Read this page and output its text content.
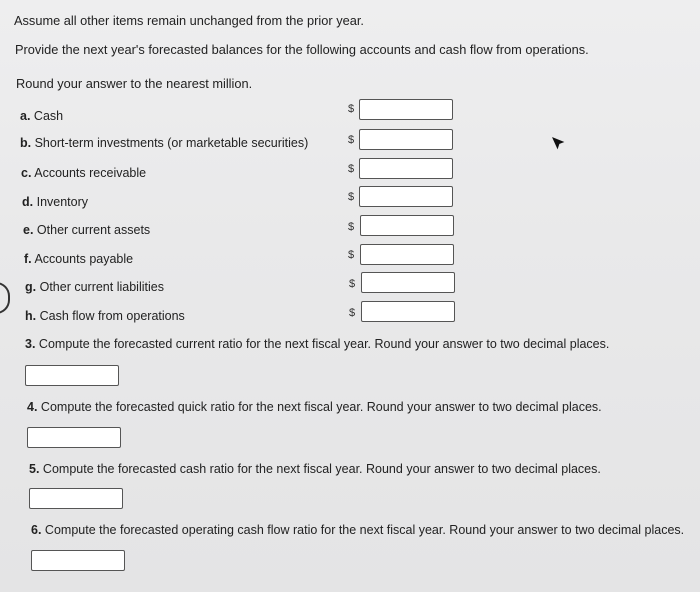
Assume all other items remain unchanged from the prior year.
Provide the next year's forecasted balances for the following accounts and cash flow from operations.
Round your answer to the nearest million.
a. Cash	$
b. Short-term investments (or marketable securities)	$
c. Accounts receivable	$
d. Inventory	$
e. Other current assets	$
f. Accounts payable	$
g. Other current liabilities	$
h. Cash flow from operations	$
3. Compute the forecasted current ratio for the next fiscal year. Round your answer to two decimal places.
4. Compute the forecasted quick ratio for the next fiscal year. Round your answer to two decimal places.
5. Compute the forecasted cash ratio for the next fiscal year. Round your answer to two decimal places.
6. Compute the forecasted operating cash flow ratio for the next fiscal year. Round your answer to two decimal places.
